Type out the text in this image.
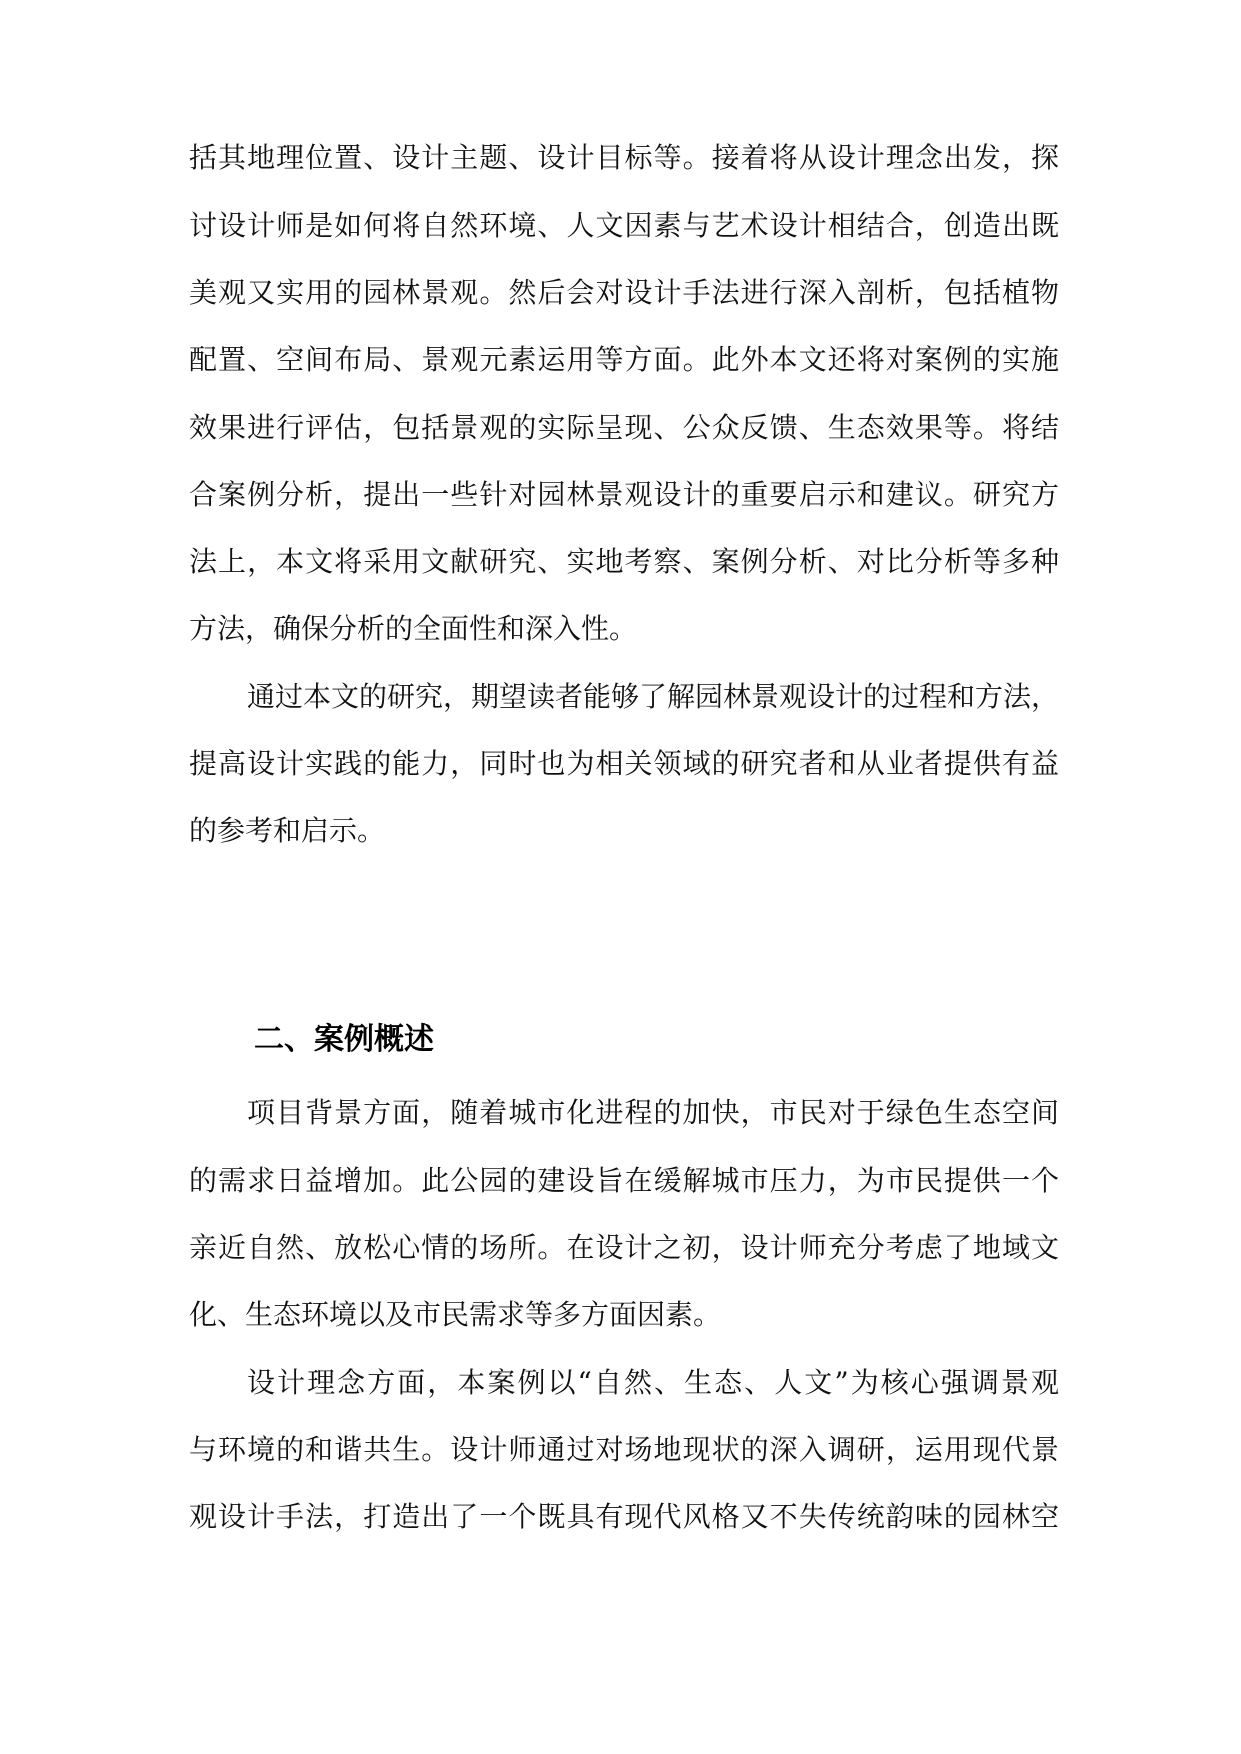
括其地理位置、设计主题、设计目标等。接着将从设计理念出发，探
讨设计师是如何将自然环境、人文因素与艺术设计相结合，创造出既
美观又实用的园林景观。然后会对设计手法进行深入剖析，包括植物
配置、空间布局、景观元素运用等方面。此外本文还将对案例的实施
效果进行评估，包括景观的实际呈现、公众反馈、生态效果等。将结
合案例分析，提出一些针对园林景观设计的重要启示和建议。研究方
法上，本文将采用文献研究、实地考察、案例分析、对比分析等多种
方法，确保分析的全面性和深入性。
通过本文的研究，期望读者能够了解园林景观设计的过程和方法，
提高设计实践的能力，同时也为相关领域的研究者和从业者提供有益
的参考和启示。
二、案例概述
项目背景方面，随着城市化进程的加快，市民对于绿色生态空间
的需求日益增加。此公园的建设旨在缓解城市压力，为市民提供一个
亲近自然、放松心情的场所。在设计之初，设计师充分考虑了地域文
化、生态环境以及市民需求等多方面因素。
设计理念方面，本案例以“自然、生态、人文”为核心强调景观
与环境的和谐共生。设计师通过对场地现状的深入调研，运用现代景
观设计手法，打造出了一个既具有现代风格又不失传统韵味的园林空
